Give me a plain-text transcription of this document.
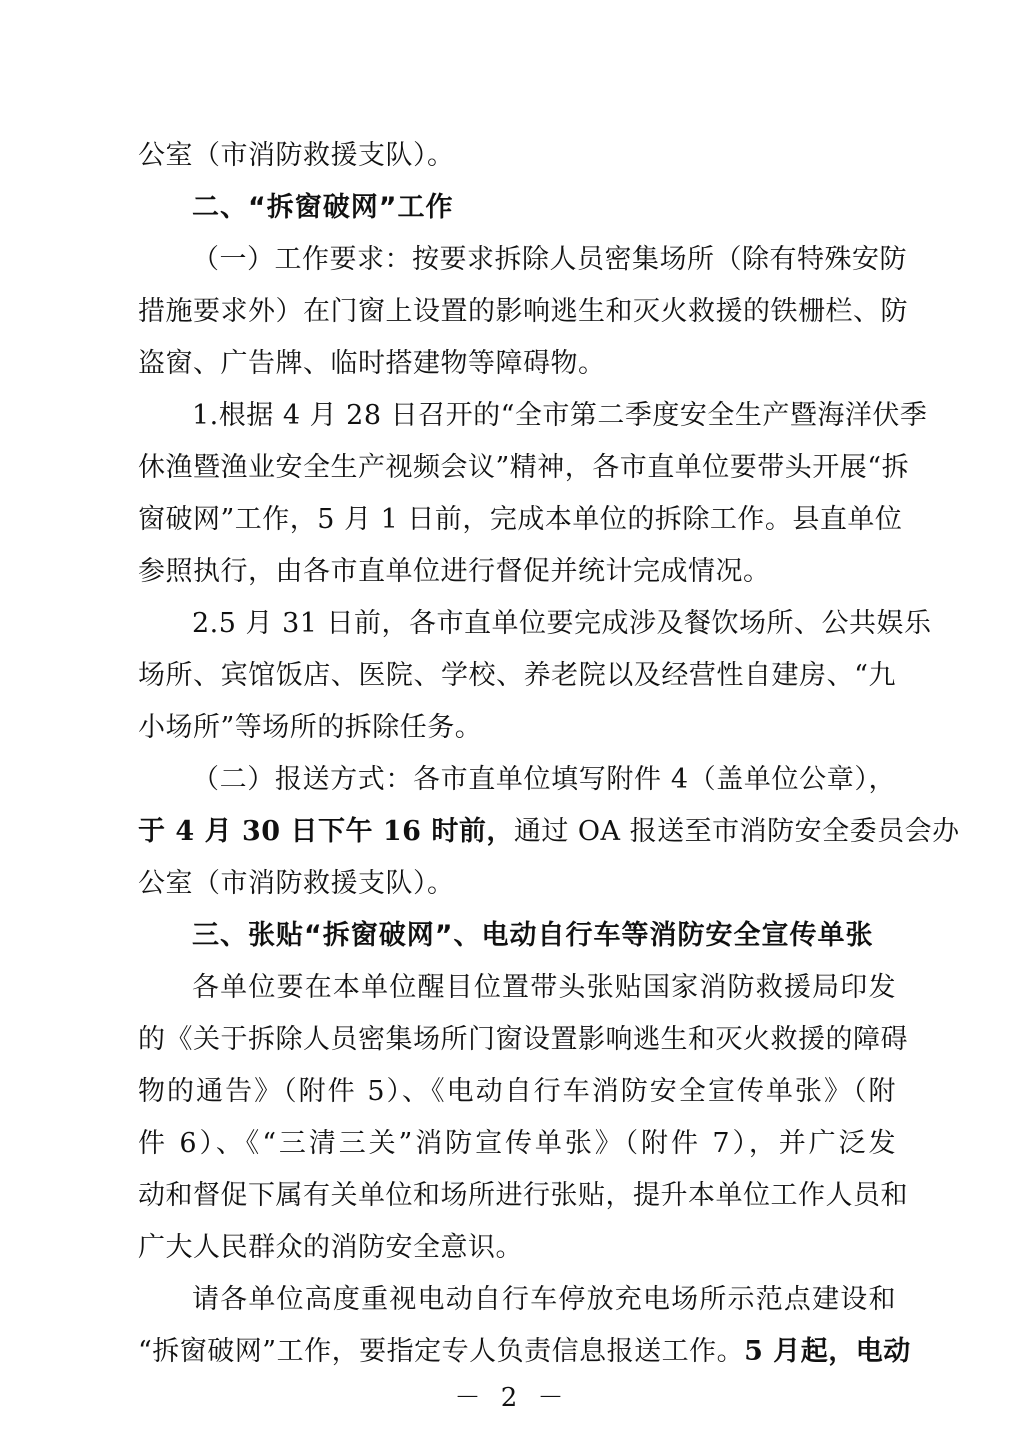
公室（市消防救援支队）。
二、“拆窗破网”工作
（一）工作要求：按要求拆除人员密集场所（除有特殊安防
措施要求外）在门窗上设置的影响逃生和灭火救援的铁栅栏、防
盗窗、广告牌、临时搭建物等障碍物。
1.根据 4 月 28 日召开的“全市第二季度安全生产暨海洋伏季
休渔暨渔业安全生产视频会议”精神，各市直单位要带头开展“拆
窗破网”工作，5 月 1 日前，完成本单位的拆除工作。县直单位
参照执行，由各市直单位进行督促并统计完成情况。
2.5 月 31 日前，各市直单位要完成涉及餐饮场所、公共娱乐
场所、宾馆饭店、医院、学校、养老院以及经营性自建房、“九
小场所”等场所的拆除任务。
（二）报送方式：各市直单位填写附件 4（盖单位公章），
于 4 月 30 日下午 16 时前，通过 OA 报送至市消防安全委员会办
公室（市消防救援支队）。
三、张贴“拆窗破网”、电动自行车等消防安全宣传单张
各单位要在本单位醒目位置带头张贴国家消防救援局印发
的《关于拆除人员密集场所门窗设置影响逃生和灭火救援的障碍
物的通告》（附件 5）、《电动自行车消防安全宣传单张》（附
件 6）、《“三清三关”消防宣传单张》（附件 7），并广泛发
动和督促下属有关单位和场所进行张贴，提升本单位工作人员和
广大人民群众的消防安全意识。
请各单位高度重视电动自行车停放充电场所示范点建设和
“拆窗破网”工作，要指定专人负责信息报送工作。5 月起，电动
－ 2 －
